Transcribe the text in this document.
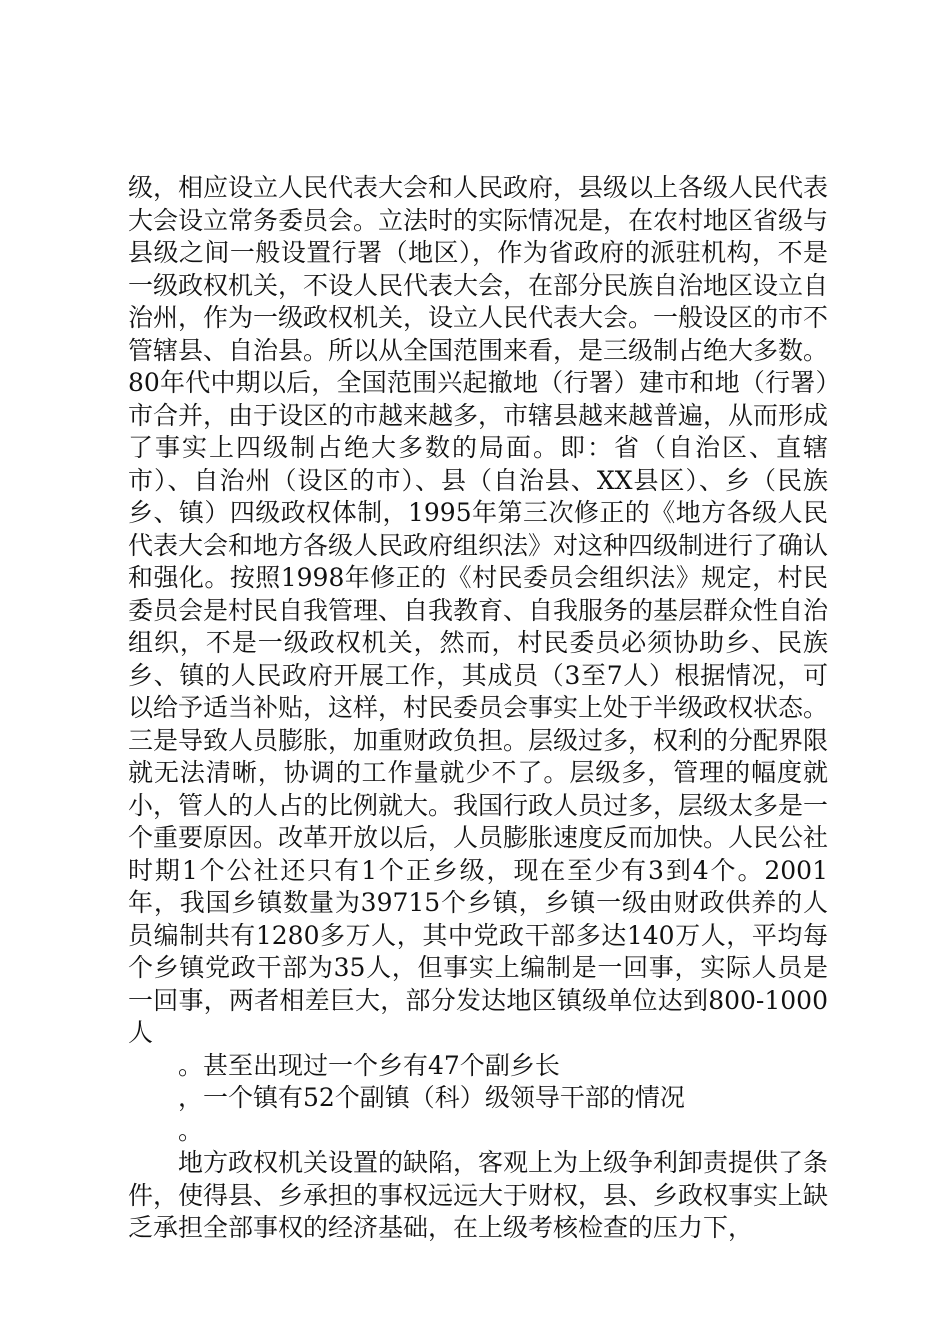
级，相应设立人民代表大会和人民政府，县级以上各级人民代表大会设立常务委员会。立法时的实际情况是，在农村地区省级与县级之间一般设置行署（地区），作为省政府的派驻机构，不是一级政权机关，不设人民代表大会，在部分民族自治地区设立自治州，作为一级政权机关，设立人民代表大会。一般设区的市不管辖县、自治县。所以从全国范围来看，是三级制占绝大多数。80年代中期以后，全国范围兴起撤地（行署）建市和地（行署）市合并，由于设区的市越来越多，市辖县越来越普遍，从而形成了事实上四级制占绝大多数的局面。即：省（自治区、直辖市）、自治州（设区的市）、县（自治县、XX县区）、乡（民族乡、镇）四级政权体制，1995年第三次修正的《地方各级人民代表大会和地方各级人民政府组织法》对这种四级制进行了确认和强化。按照1998年修正的《村民委员会组织法》规定，村民委员会是村民自我管理、自我教育、自我服务的基层群众性自治组织，不是一级政权机关，然而，村民委员必须协助乡、民族乡、镇的人民政府开展工作，其成员（3至7人）根据情况，可以给予适当补贴，这样，村民委员会事实上处于半级政权状态。三是导致人员膨胀，加重财政负担。层级过多，权利的分配界限就无法清晰，协调的工作量就少不了。层级多，管理的幅度就小，管人的人占的比例就大。我国行政人员过多，层级太多是一个重要原因。改革开放以后，人员膨胀速度反而加快。人民公社时期1个公社还只有1个正乡级，现在至少有3到4个。2001年，我国乡镇数量为39715个乡镇，乡镇一级由财政供养的人员编制共有1280多万人，其中党政干部多达140万人，平均每个乡镇党政干部为35人，但事实上编制是一回事，实际人员是一回事，两者相差巨大，部分发达地区镇级单位达到800-1000人

。甚至出现过一个乡有47个副乡长

，一个镇有52个副镇（科）级领导干部的情况

。

地方政权机关设置的缺陷，客观上为上级争利卸责提供了条件，使得县、乡承担的事权远远大于财权，县、乡政权事实上缺乏承担全部事权的经济基础，在上级考核检查的压力下，
